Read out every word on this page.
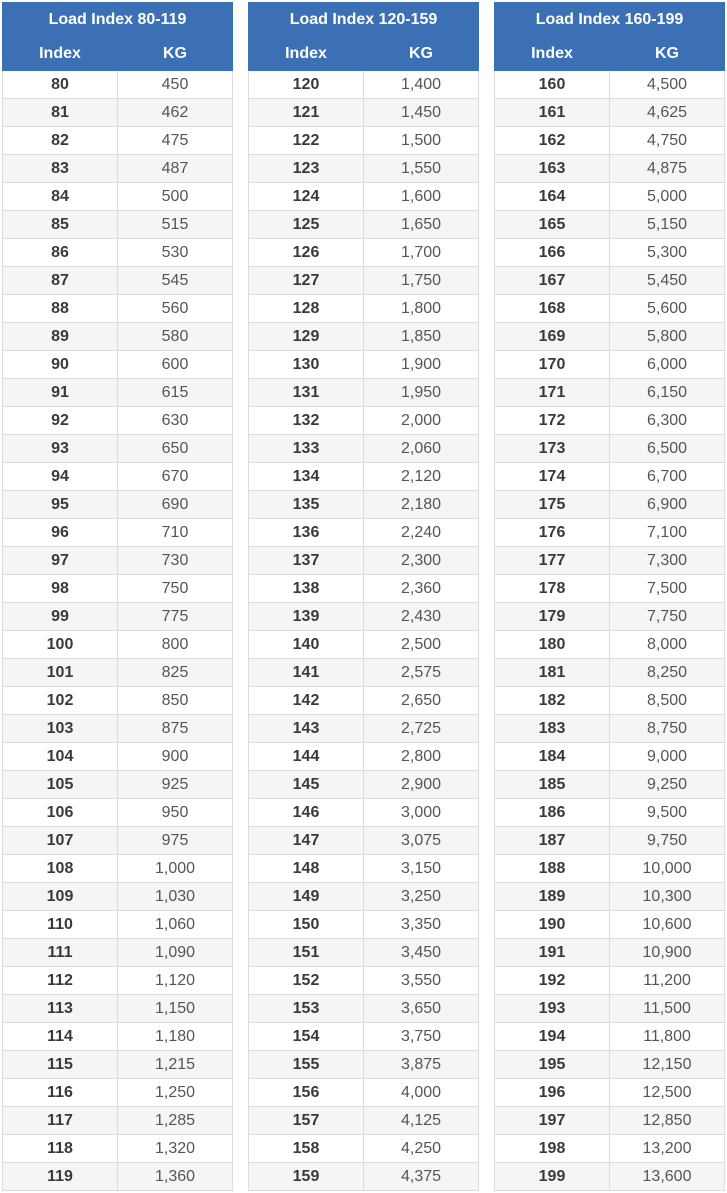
Load Index 80-119	
Index	KG
80	450
81	462
82	475
83	487
84	500
85	515
86	530
87	545
88	560
89	580
90	600
91	615
92	630
93	650
94	670
95	690
96	710
97	730
98	750
99	775
100	800
101	825
102	850
103	875
104	900
105	925
106	950
107	975
108	1,000
109	1,030
110	1,060
111	1,090
112	1,120
113	1,150
114	1,180
115	1,215
116	1,250
117	1,285
118	1,320
119	1,360
Load Index 120-159	
Index	KG
120	1,400
121	1,450
122	1,500
123	1,550
124	1,600
125	1,650
126	1,700
127	1,750
128	1,800
129	1,850
130	1,900
131	1,950
132	2,000
133	2,060
134	2,120
135	2,180
136	2,240
137	2,300
138	2,360
139	2,430
140	2,500
141	2,575
142	2,650
143	2,725
144	2,800
145	2,900
146	3,000
147	3,075
148	3,150
149	3,250
150	3,350
151	3,450
152	3,550
153	3,650
154	3,750
155	3,875
156	4,000
157	4,125
158	4,250
159	4,375
Load Index 160-199	
Index	KG
160	4,500
161	4,625
162	4,750
163	4,875
164	5,000
165	5,150
166	5,300
167	5,450
168	5,600
169	5,800
170	6,000
171	6,150
172	6,300
173	6,500
174	6,700
175	6,900
176	7,100
177	7,300
178	7,500
179	7,750
180	8,000
181	8,250
182	8,500
183	8,750
184	9,000
185	9,250
186	9,500
187	9,750
188	10,000
189	10,300
190	10,600
191	10,900
192	11,200
193	11,500
194	11,800
195	12,150
196	12,500
197	12,850
198	13,200
199	13,600
